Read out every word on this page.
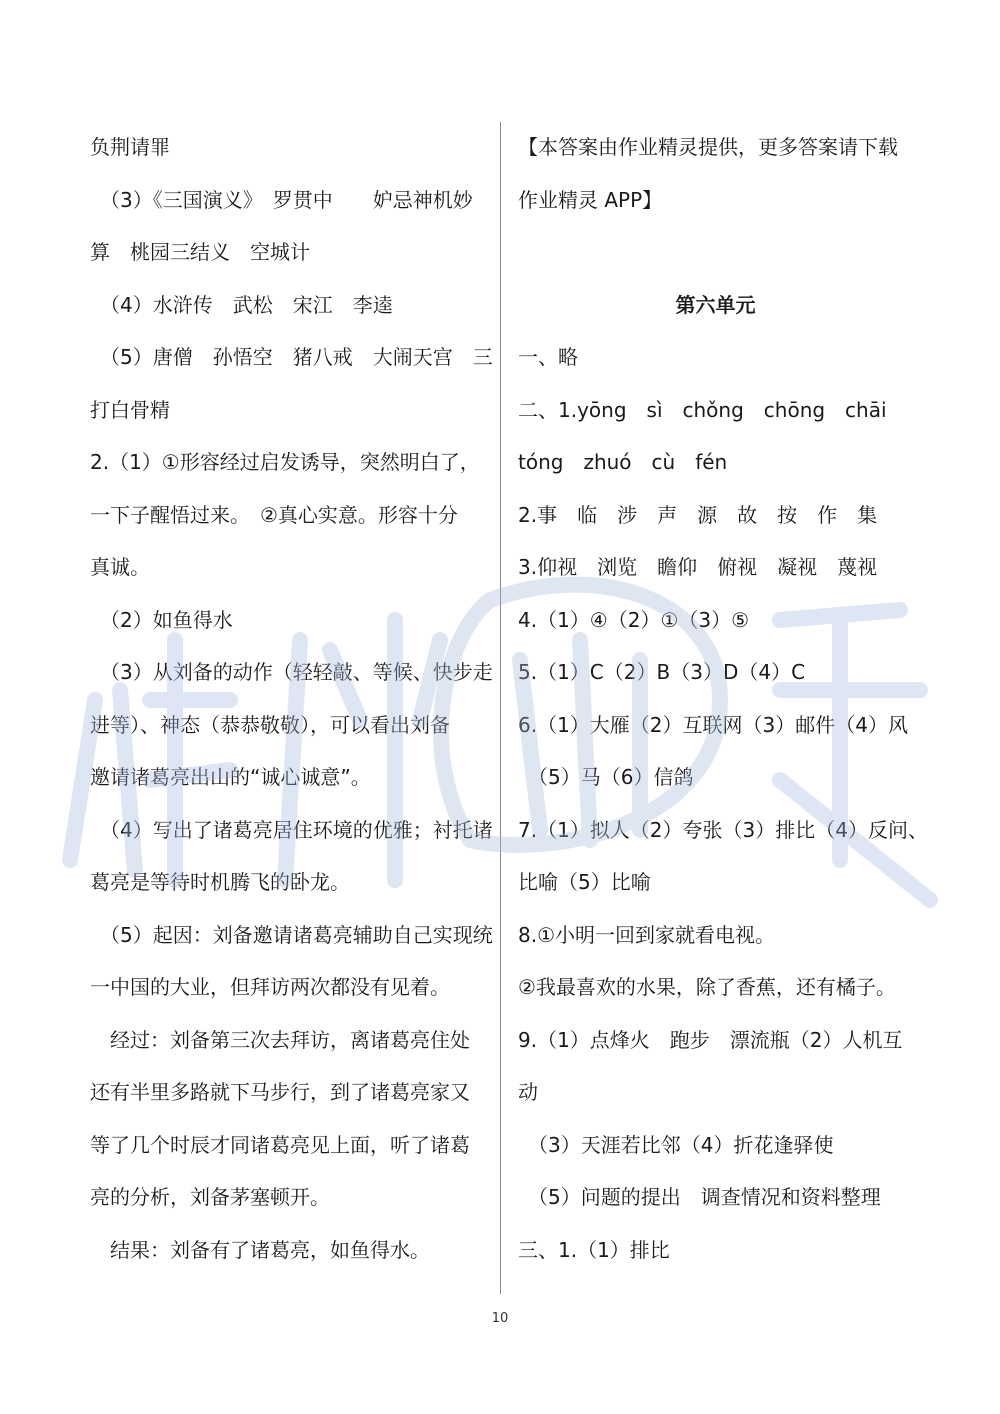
负荆请罪
（3）《三国演义》　罗贯中　　妒忌神机妙
算　桃园三结义　空城计
（4）水浒传　武松　宋江　李逵
（5）唐僧　孙悟空　猪八戒　大闹天宫　三
打白骨精
2.（1）①形容经过启发诱导，突然明白了，
一下子醒悟过来。　②真心实意。形容十分
真诚。
（2）如鱼得水
（3）从刘备的动作（轻轻敲、等候、快步走
进等）、神态（恭恭敬敬），可以看出刘备
邀请诸葛亮出山的“诚心诚意”。
（4）写出了诸葛亮居住环境的优雅；衬托诸
葛亮是等待时机腾飞的卧龙。
（5）起因：刘备邀请诸葛亮辅助自己实现统
一中国的大业，但拜访两次都没有见着。
经过：刘备第三次去拜访，离诸葛亮住处
还有半里多路就下马步行，到了诸葛亮家又
等了几个时辰才同诸葛亮见上面，听了诸葛
亮的分析，刘备茅塞顿开。
结果：刘备有了诸葛亮，如鱼得水。
【本答案由作业精灵提供，更多答案请下载
作业精灵 APP】
第六单元
一、略
二、1.yōng　sì　chǒng　chōng　chāi
tóng　zhuó　cù　fén
2.事　临　涉　声　源　故　按　作　集
3.仰视　浏览　瞻仰　俯视　凝视　蔑视
4.（1）④（2）①（3）⑤
5.（1）C（2）B（3）D（4）C
6.（1）大雁（2）互联网（3）邮件（4）风
（5）马（6）信鸽
7.（1）拟人（2）夸张（3）排比（4）反问、
比喻（5）比喻
8.①小明一回到家就看电视。
②我最喜欢的水果，除了香蕉，还有橘子。
9.（1）点烽火　跑步　漂流瓶（2）人机互
动
（3）天涯若比邻（4）折花逢驿使
（5）问题的提出　调查情况和资料整理
三、1.（1）排比
10
